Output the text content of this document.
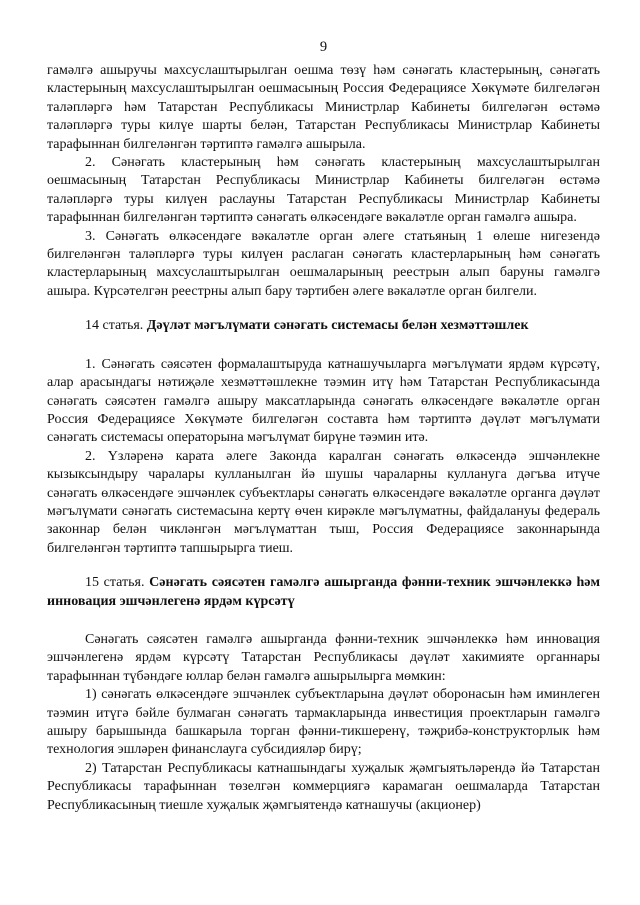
9

гамәлгә ашыручы махсуслаштырылган оешма төзү һәм сәнәгать кластерының, сәнәгать кластерының махсуслаштырылган оешмасының Россия Федерациясе Хөкүмәте билгеләгән таләпләргә һәм Татарстан Республикасы Министрлар Кабинеты билгеләгән өстәмә таләпләргә туры килүе шарты белән, Татарстан Республикасы Министрлар Кабинеты тарафыннан билгеләнгән тәртиптә гамәлгә ашырыла.

2. Сәнәгать кластерының һәм сәнәгать кластерының махсуслаштырылган оешмасының Татарстан Республикасы Министрлар Кабинеты билгеләгән өстәмә таләпләргә туры килүен раслауны Татарстан Республикасы Министрлар Кабинеты тарафыннан билгеләнгән тәртиптә сәнәгать өлкәсендәге вәкаләтле орган гамәлгә ашыра.

3. Сәнәгать өлкәсендәге вәкаләтле орган әлеге статьяның 1 өлеше нигезендә билгеләнгән таләпләргә туры килүен раслаган сәнәгать кластерларының һәм сәнәгать кластерларының махсуслаштырылган оешмаларының реестрын алып баруны гамәлгә ашыра. Күрсәтелгән реестрны алып бару тәртибен әлеге вәкаләтле орган билгели.

14 статья. Дәүләт мәгълүмати сәнәгать системасы белән хезмәттәшлек

1. Сәнәгать сәясәтен формалаштыруда катнашучыларга мәгълүмати ярдәм күрсәтү, алар арасындагы нәтиҗәле хезмәттәшлекне тәэмин итү һәм Татарстан Республикасында сәнәгать сәясәтен гамәлгә ашыру максатларында сәнәгать өлкәсендәге вәкаләтле орган Россия Федерациясе Хөкүмәте билгеләгән составта һәм тәртиптә дәүләт мәгълүмати сәнәгать системасы операторына мәгълүмат бирүне тәэмин итә.

2. Үзләренә карата әлеге Законда каралган сәнәгать өлкәсендә эшчәнлекне кызыксындыру чаралары кулланылган йә шушы чараларны куллануга дәгъва итүче сәнәгать өлкәсендәге эшчәнлек субъектлары сәнәгать өлкәсендәге вәкаләтле органга дәүләт мәгълүмати сәнәгать системасына кертү өчен кирәкле мәгълүматны, файдалануы федераль законнар белән чикләнгән мәгълүматтан тыш, Россия Федерациясе законнарында билгеләнгән тәртиптә тапшырырга тиеш.

15 статья. Сәнәгать сәясәтен гамәлгә ашырганда фәнни-техник эшчәнлеккә һәм инновация эшчәнлегенә ярдәм күрсәтү

Сәнәгать сәясәтен гамәлгә ашырганда фәнни-техник эшчәнлеккә һәм инновация эшчәнлегенә ярдәм күрсәтү Татарстан Республикасы дәүләт хакимияте органнары тарафыннан түбәндәге юллар белән гамәлгә ашырылырга мөмкин:

1) сәнәгать өлкәсендәге эшчәнлек субъектларына дәүләт оборонасын һәм иминлеген тәэмин итүгә бәйле булмаган сәнәгать тармакларында инвестиция проектларын гамәлгә ашыру барышында башкарыла торган фәнни-тикшеренү, тәҗрибә-конструкторлык һәм технология эшләрен финанслауга субсидияләр бирү;

2) Татарстан Республикасы катнашындагы хуҗалык җәмгыятьләрендә йә Татарстан Республикасы тарафыннан төзелгән коммерциягә карамаган оешмаларда Татарстан Республикасының тиешле хуҗалык җәмгыятендә катнашучы (акционер)
